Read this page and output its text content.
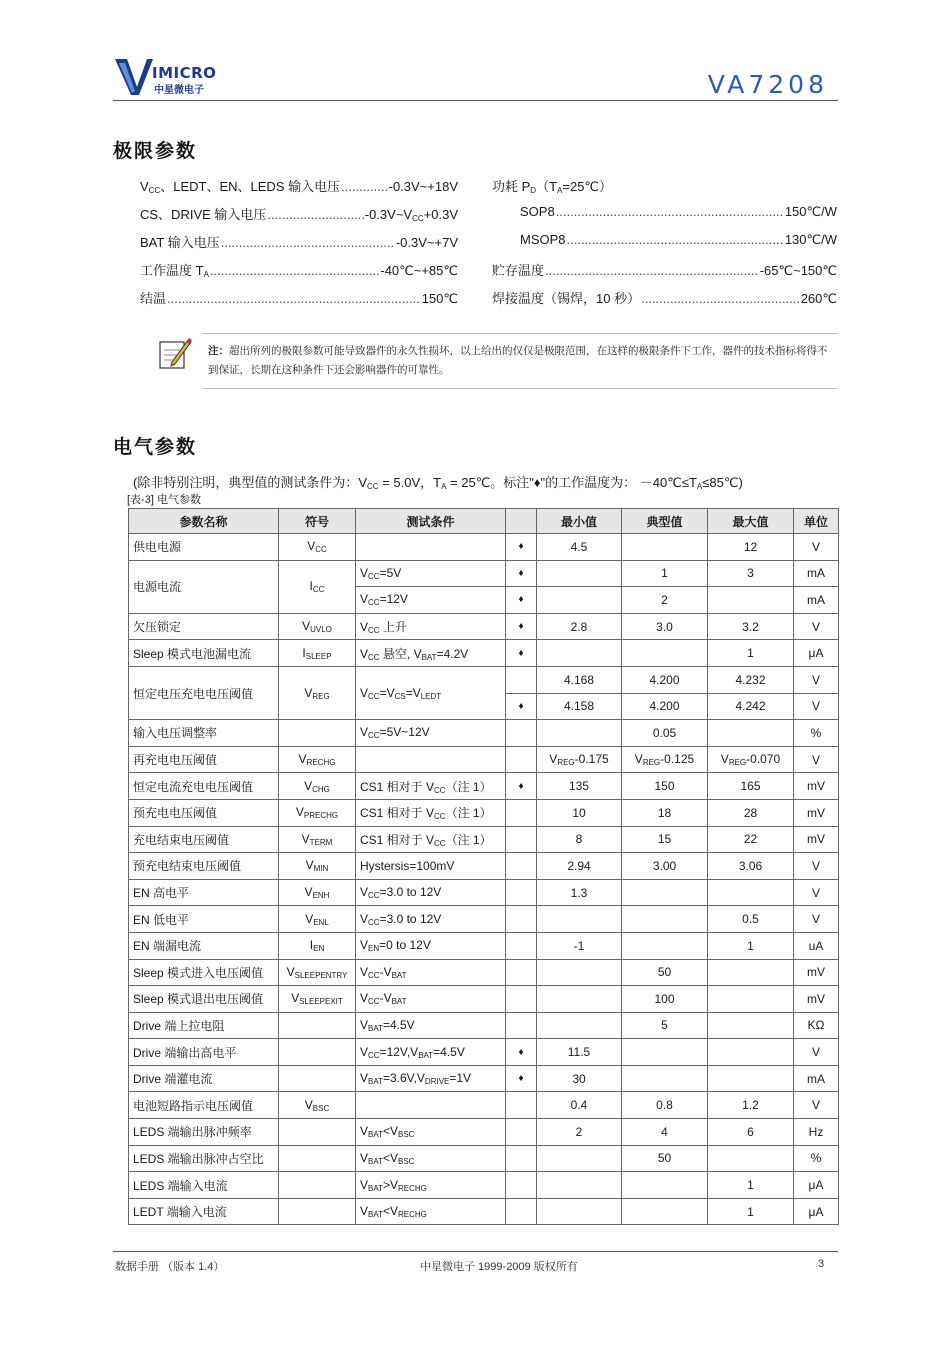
IMICRO
中星微电子	VA7208
极限参数
$V_{CC}$、LEDT、EN、LEDS 输入电压 .....	-0.3V~+18V
CS、DRIVE 输入电压 .....	$-0.3V\sim V_{CC}+0.3V$
BAT 输入电压 .....	-0.3V~+7V
工作温度 $T_A$ .....	-40℃~+85℃
结温 .....	150℃
功耗 $P_D(T_A=25℃)$
SOP8 .....	150℃/W
MSOP8 .....	130℃/W
贮存温度 .....	-65℃~150℃
焊接温度（锡焊，10 秒） .....	260℃
注：超出所列的极限参数可能导致器件的永久性损坏，以上给出的仅仅是极限范围，在这样的极限条件下工作，器件的技术指标将得不到保证，长期在这种条件下还会影响器件的可靠性。
电气参数
(除非特别注明，典型值的测试条件为：$V_{CC} = 5.0V$，$T_A$ = 25℃。标注"♦"的工作温度为： $-40℃\le T_A\le 85℃$)
[表-3] 电气参数
参数名称	符号	测试条件		最小值	典型值	最大值	单位
供电电源	$V_{CC}$		♦	4.5		12	V
电源电流	$I_{CC}$	$V_{CC}=5V$	♦		1	3	mA
		$V_{CC}=12V$	♦		2		mA
欠压锁定	$V_{UVLO}$	$V_{CC}$ 上升	♦	2.8	3.0	3.2	V
Sleep 模式电池漏电流	$I_{SLEEP}$	$V_{CC}$ 悬空, $V_{BAT}=4.2V$	♦			1	μA
恒定电压充电电压阈值	$V_{REG}$	$V_{CC}=V_{CS}=V_{LEDT}$		4.168	4.200	4.232	V
			♦	4.158	4.200	4.242	V
输入电压调整率		$V_{CC}=5V\sim 12V$			0.05		%
再充电电压阈值	$V_{RECHG}$			$V_{REG}-0.175$	$V_{REG}-0.125$	$V_{REG}-0.070$	V
恒定电流充电电压阈值	$V_{CHG}$	CS1 相对于 $V_{CC}$（注 1）	♦	135	150	165	mV
预充电电压阈值	$V_{PRECHG}$	CS1 相对于 $V_{CC}$（注 1）		10	18	28	mV
充电结束电压阈值	$V_{TERM}$	CS1 相对于 $V_{CC}$（注 1）		8	15	22	mV
预充电结束电压阈值	$V_{MIN}$	Hystersis=100mV		2.94	3.00	3.06	V
EN 高电平	$V_{ENH}$	$V_{CC}=3.0$ to 12V		1.3			V
EN 低电平	$V_{ENL}$	$V_{CC}=3.0$ to 12V				0.5	V
EN 端漏电流	$I_{EN}$	$V_{EN}=0$ to 12V		-1		1	uA
Sleep 模式进入电压阈值	$V_{SLEEPENTRY}$	$V_{CC}-V_{BAT}$			50		mV
Sleep 模式退出电压阈值	$V_{SLEEPEXIT}$	$V_{CC}-V_{BAT}$			100		mV
Drive 端上拉电阻		$V_{BAT}=4.5V$			5		KΩ
Drive 端输出高电平		$V_{CC}=12V,V_{BAT}=4.5V$	♦	11.5			V
Drive 端灌电流		$V_{BAT}=3.6V,V_{DRIVE}=1V$	♦	30			mA
电池短路指示电压阈值	$V_{BSC}$			0.4	0.8	1.2	V
LEDS 端输出脉冲频率		$V_{BAT}<V_{BSC}$		2	4	6	Hz
LEDS 端输出脉冲占空比		$V_{BAT}<V_{BSC}$			50		%
LEDS 端输入电流		$V_{BAT}>V_{RECHG}$				1	μA
LEDT 端输入电流		$V_{BAT}<V_{RECHG}$				1	μA
数据手册 （版本 1.4）	中星微电子 1999-2009 版权所有	3
